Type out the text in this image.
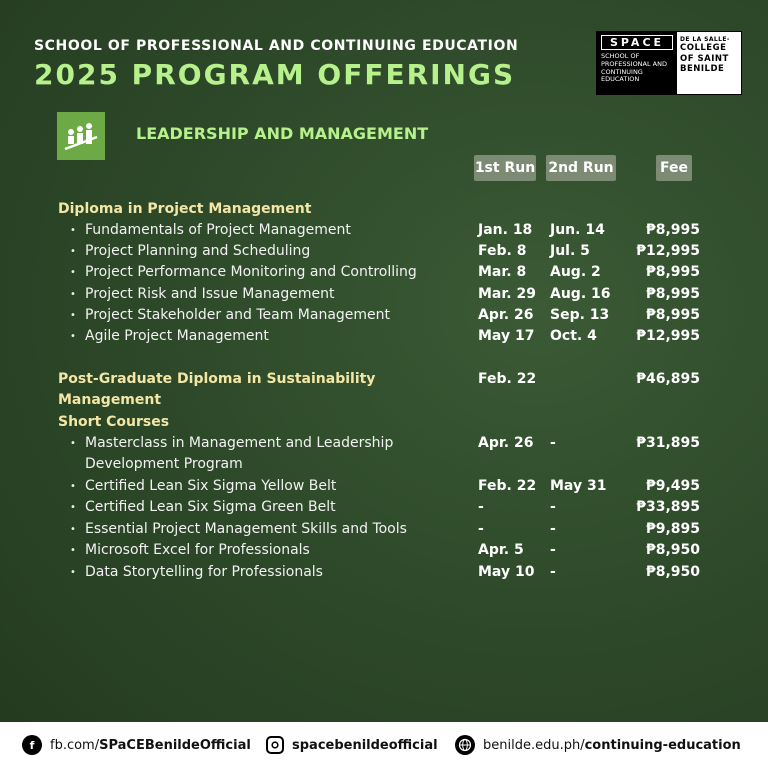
SCHOOL OF PROFESSIONAL AND CONTINUING EDUCATION
2025 PROGRAM OFFERINGS
SPACE
SCHOOL OF PROFESSIONAL AND CONTINUING EDUCATION
DE LA SALLE-
COLLEGE
OF SAINT
BENILDE
LEADERSHIP AND MANAGEMENT
1st Run 2nd Run	Fee
Diploma in Project Management
• Fundamentals of Project Management	Jan. 18 Jun. 14	₱8,995
• Project Planning and Scheduling	Feb. 8 Jul. 5	₱12,995
• Project Performance Monitoring and Controlling	Mar. 8 Aug. 2	₱8,995
• Project Risk and Issue Management	Mar. 29 Aug. 16	₱8,995
• Project Stakeholder and Team Management	Apr. 26 Sep. 13	₱8,995
• Agile Project Management	May 17 Oct. 4	₱12,995
Post-Graduate Diploma in Sustainability Management
Feb. 22	₱46,895
Short Courses
• Masterclass in Management and Leadership	Apr. 26 -	₱31,895
Development Program
• Certified Lean Six Sigma Yellow Belt	Feb. 22 May 31	₱9,495
• Certified Lean Six Sigma Green Belt	-	-	₱33,895
• Essential Project Management Skills and Tools	-	-	₱9,895
• Microsoft Excel for Professionals	Apr. 5 -	₱8,950
• Data Storytelling for Professionals	May 10 -	₱8,950
f	fb.com/SPaCEBenildeOfficial	spacebenildeofficial	benilde.edu.ph/continuing-education
